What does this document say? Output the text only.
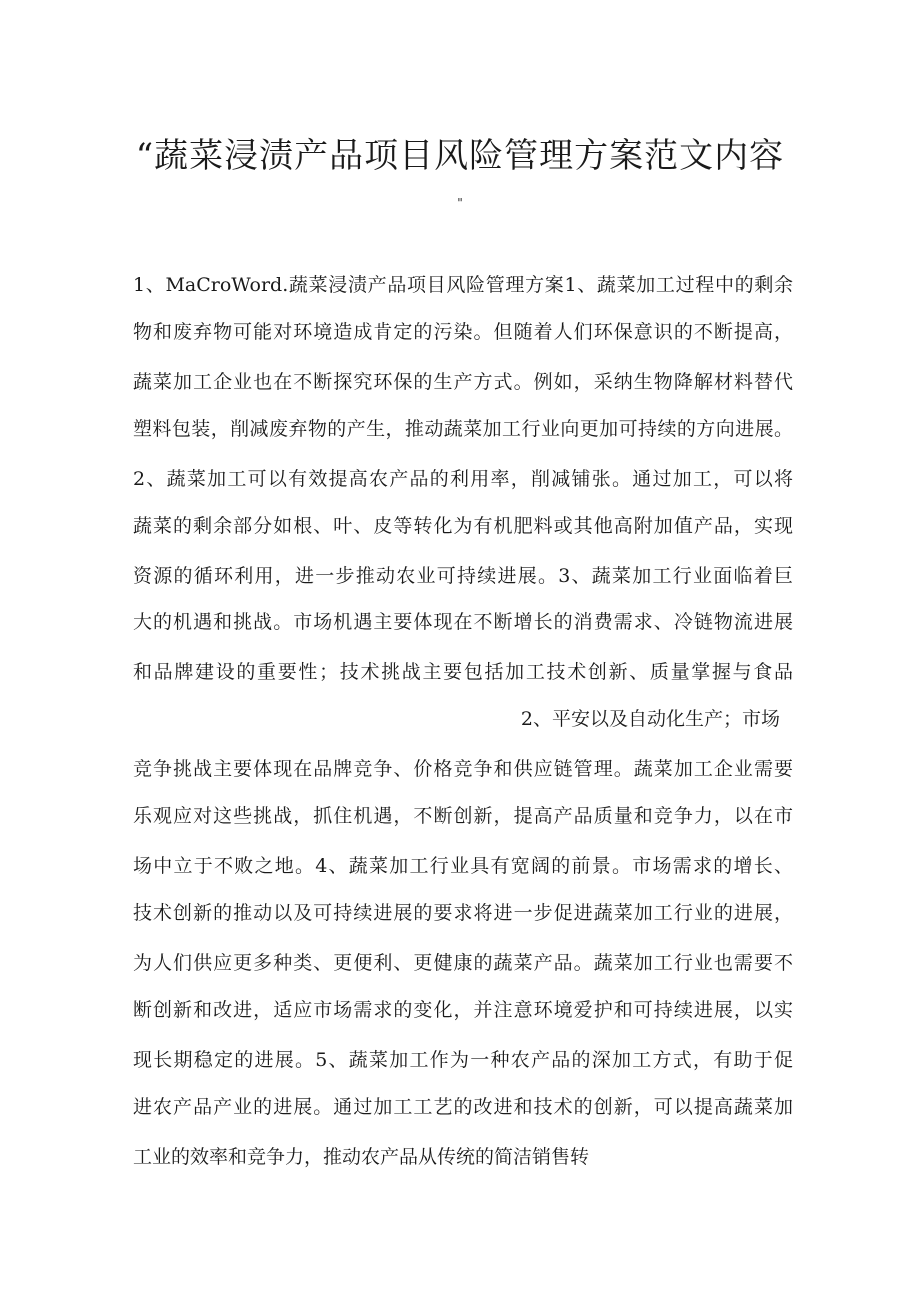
“蔬菜浸渍产品项目风险管理方案范文内容
"
1、MaCroWord.蔬菜浸渍产品项目风险管理方案1、蔬菜加工过程中的剩余
物和废弃物可能对环境造成肯定的污染。但随着人们环保意识的不断提高，
蔬菜加工企业也在不断探究环保的生产方式。例如，采纳生物降解材料替代
塑料包装，削减废弃物的产生，推动蔬菜加工行业向更加可持续的方向进展。
2、蔬菜加工可以有效提高农产品的利用率，削减铺张。通过加工，可以将
蔬菜的剩余部分如根、叶、皮等转化为有机肥料或其他高附加值产品，实现
资源的循环利用，进一步推动农业可持续进展。3、蔬菜加工行业面临着巨
大的机遇和挑战。市场机遇主要体现在不断增长的消费需求、冷链物流进展
和品牌建设的重要性；技术挑战主要包括加工技术创新、质量掌握与食品
2、平安以及自动化生产；市场
竞争挑战主要体现在品牌竞争、价格竞争和供应链管理。蔬菜加工企业需要
乐观应对这些挑战，抓住机遇，不断创新，提高产品质量和竞争力，以在市
场中立于不败之地。4、蔬菜加工行业具有宽阔的前景。市场需求的增长、
技术创新的推动以及可持续进展的要求将进一步促进蔬菜加工行业的进展，
为人们供应更多种类、更便利、更健康的蔬菜产品。蔬菜加工行业也需要不
断创新和改进，适应市场需求的变化，并注意环境爱护和可持续进展，以实
现长期稳定的进展。5、蔬菜加工作为一种农产品的深加工方式，有助于促
进农产品产业的进展。通过加工工艺的改进和技术的创新，可以提高蔬菜加
工业的效率和竞争力，推动农产品从传统的简洁销售转
